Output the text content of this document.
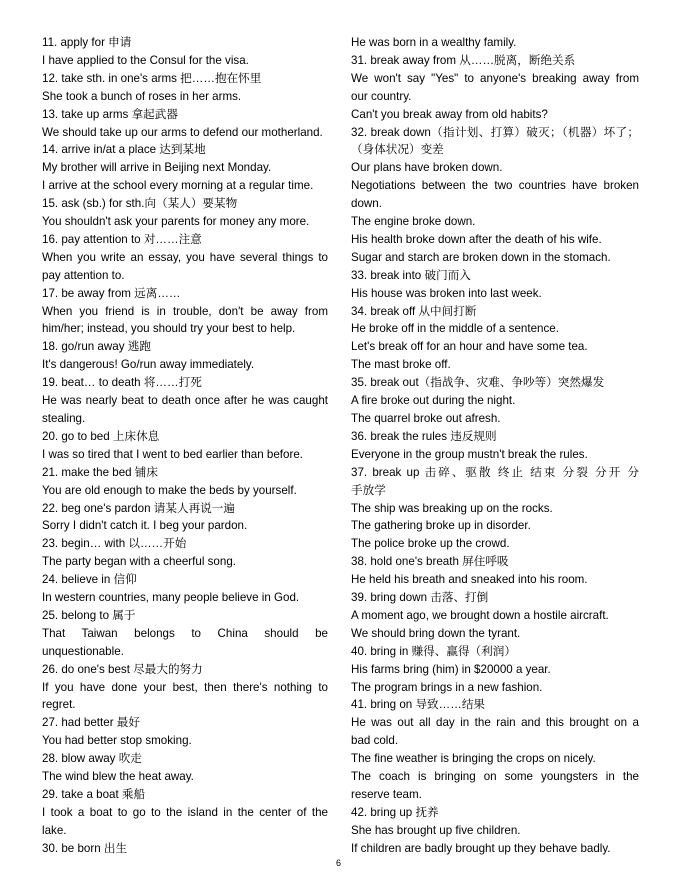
11. apply for 申请
I have applied to the Consul for the visa.
12. take sth. in one's arms 把……抱在怀里
She took a bunch of roses in her arms.
13. take up arms 拿起武器
We should take up our arms to defend our motherland.
14. arrive in/at a place 达到某地
My brother will arrive in Beijing next Monday.
I arrive at the school every morning at a regular time.
15. ask (sb.) for sth.向（某人）要某物
You shouldn't ask your parents for money any more.
16. pay attention to 对……注意
When you write an essay, you have several things to
pay attention to.
17. be away from 远离……
When you friend is in trouble, don't be away from
him/her; instead, you should try your best to help.
18. go/run away 逃跑
It's dangerous! Go/run away immediately.
19. beat… to death 将……打死
He was nearly beat to death once after he was caught
stealing.
20. go to bed 上床休息
I was so tired that I went to bed earlier than before.
21. make the bed 铺床
You are old enough to make the beds by yourself.
22. beg one's pardon 请某人再说一遍
Sorry I didn't catch it. I beg your pardon.
23. begin… with 以……开始
The party began with a cheerful song.
24. believe in 信仰
In western countries, many people believe in God.
25. belong to 属于
That Taiwan belongs to China should be
unquestionable.
26. do one's best 尽最大的努力
If you have done your best, then there's nothing to
regret.
27. had better 最好
You had better stop smoking.
28. blow away 吹走
The wind blew the heat away.
29. take a boat 乘船
I took a boat to go to the island in the center of the
lake.
30. be born 出生
He was born in a wealthy family.
31. break away from 从……脱离，断绝关系
We won't say "Yes" to anyone's breaking away from
our country.
Can't you break away from old habits?
32. break down（指计划、打算）破灭；（机器）坏了；
（身体状况）变差
Our plans have broken down.
Negotiations between the two countries have broken
down.
The engine broke down.
His health broke down after the death of his wife.
Sugar and starch are broken down in the stomach.
33. break into 破门而入
His house was broken into last week.
34. break off 从中间打断
He broke off in the middle of a sentence.
Let's break off for an hour and have some tea.
The mast broke off.
35. break out（指战争、灾难、争吵等）突然爆发
A fire broke out during the night.
The quarrel broke out afresh.
36. break the rules 违反规则
Everyone in the group mustn't break the rules.
37. break up 击碎、驱散 终止 结束 分裂 分开 分
手放学
The ship was breaking up on the rocks.
The gathering broke up in disorder.
The police broke up the crowd.
38. hold one's breath 屏住呼吸
He held his breath and sneaked into his room.
39. bring down 击落、打倒
A moment ago, we brought down a hostile aircraft.
We should bring down the tyrant.
40. bring in 赚得、赢得（利润）
His farms bring (him) in $20000 a year.
The program brings in a new fashion.
41. bring on 导致……结果
He was out all day in the rain and this brought on a
bad cold.
The fine weather is bringing the crops on nicely.
The coach is bringing on some youngsters in the
reserve team.
42. bring up 抚养
She has brought up five children.
If children are badly brought up they behave badly.
6
